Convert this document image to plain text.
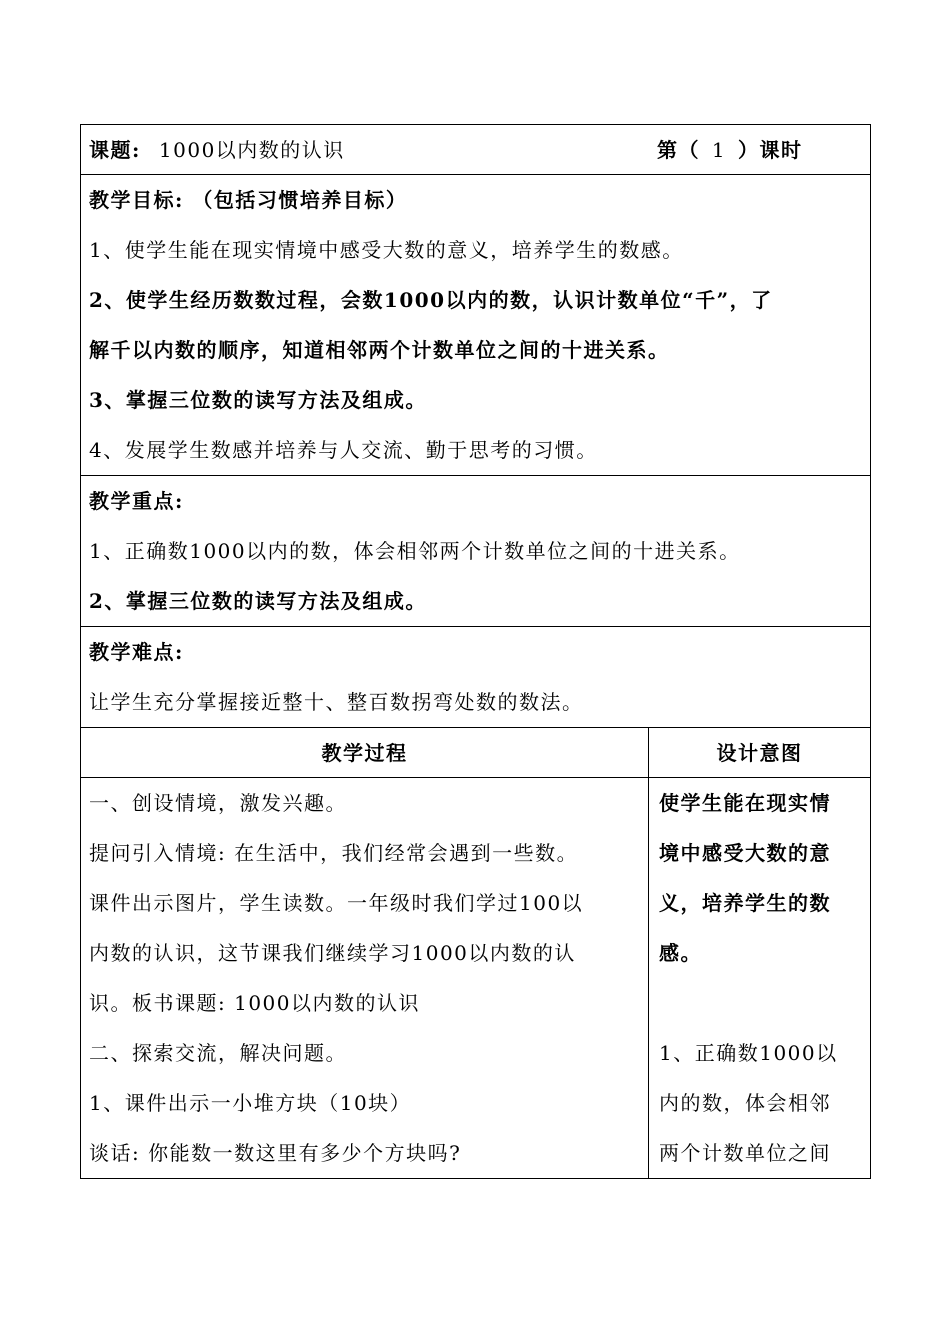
课题: 1000以内数的认识	第（ 1 ）课时
教学目标: （包括习惯培养目标）
1、使学生能在现实情境中感受大数的意义，培养学生的数感。
2、使学生经历数数过程，会数1000以内的数，认识计数单位“千”，了
解千以内数的顺序，知道相邻两个计数单位之间的十进关系。
3、掌握三位数的读写方法及组成。
4、发展学生数感并培养与人交流、勤于思考的习惯。
教学重点:
1、正确数1000以内的数，体会相邻两个计数单位之间的十进关系。
2、掌握三位数的读写方法及组成。
教学难点:
让学生充分掌握接近整十、整百数拐弯处数的数法。
教学过程
一、创设情境，激发兴趣。
提问引入情境: 在生活中，我们经常会遇到一些数。
课件出示图片，学生读数。一年级时我们学过100以
内数的认识，这节课我们继续学习1000以内数的认
识。板书课题: 1000以内数的认识
二、探索交流，解决问题。
1、课件出示一小堆方块（10块）
谈话: 你能数一数这里有多少个方块吗?
设计意图
使学生能在现实情
境中感受大数的意
义，培养学生的数
感。
1、正确数1000以
内的数，体会相邻
两个计数单位之间
